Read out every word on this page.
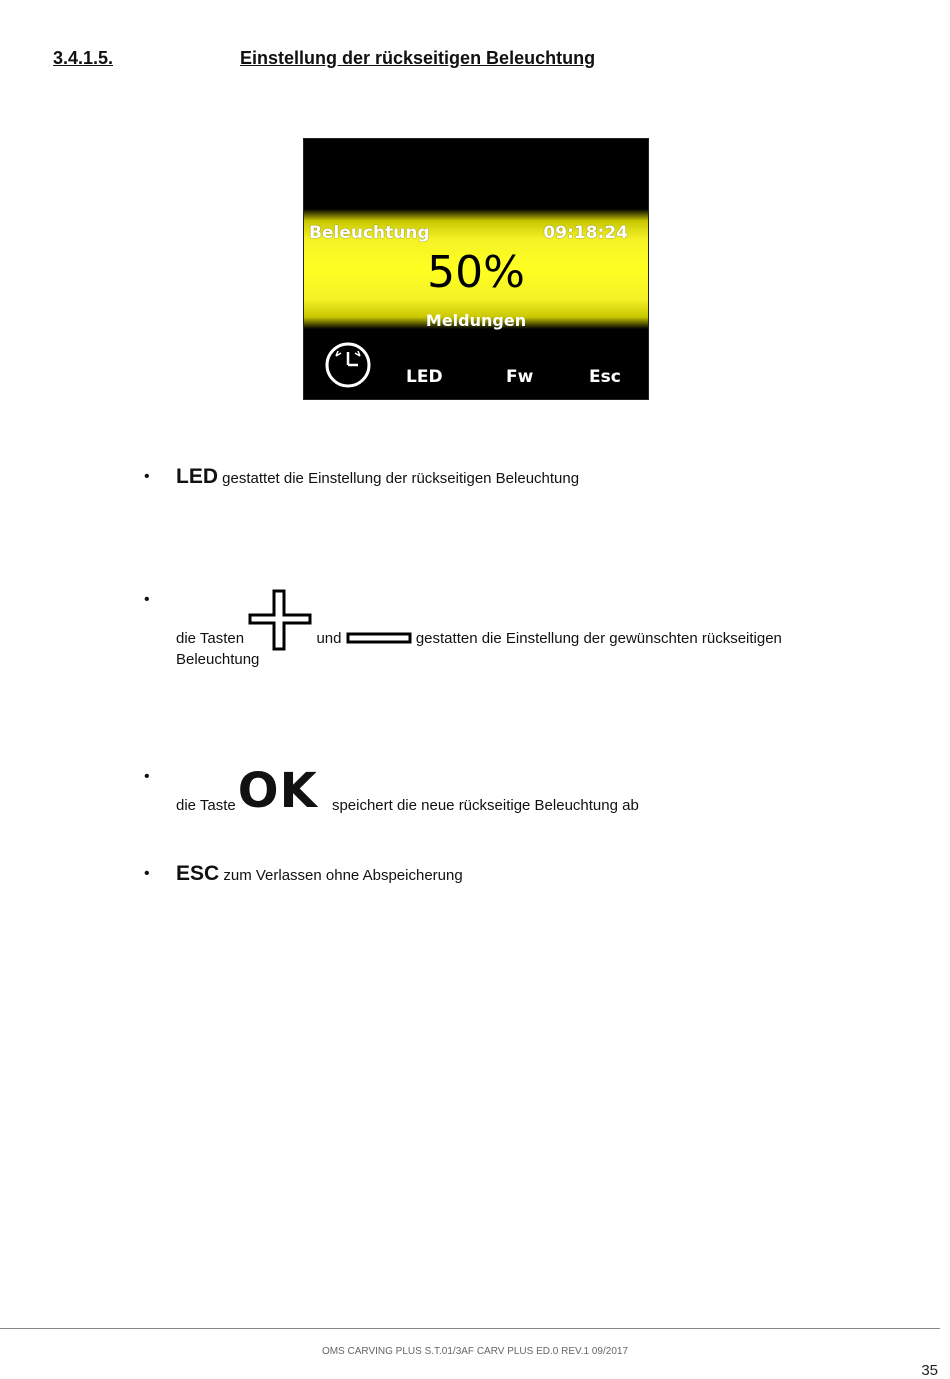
3.4.1.5.	Einstellung der rückseitigen Beleuchtung
Beleuchtung	09:18:24
50%
Meldungen
LED	Fw	Esc
• LED gestattet die Einstellung der rückseitigen Beleuchtung
• die Tasten	und	gestatten die Einstellung der gewünschten rückseitigen
Beleuchtung
• die TasteOK speichert die neue rückseitige Beleuchtung ab
• ESC zum Verlassen ohne Abspeicherung
OMS CARVING PLUS S.T.01/3AF CARV PLUS ED.0 REV.1 09/2017
35
